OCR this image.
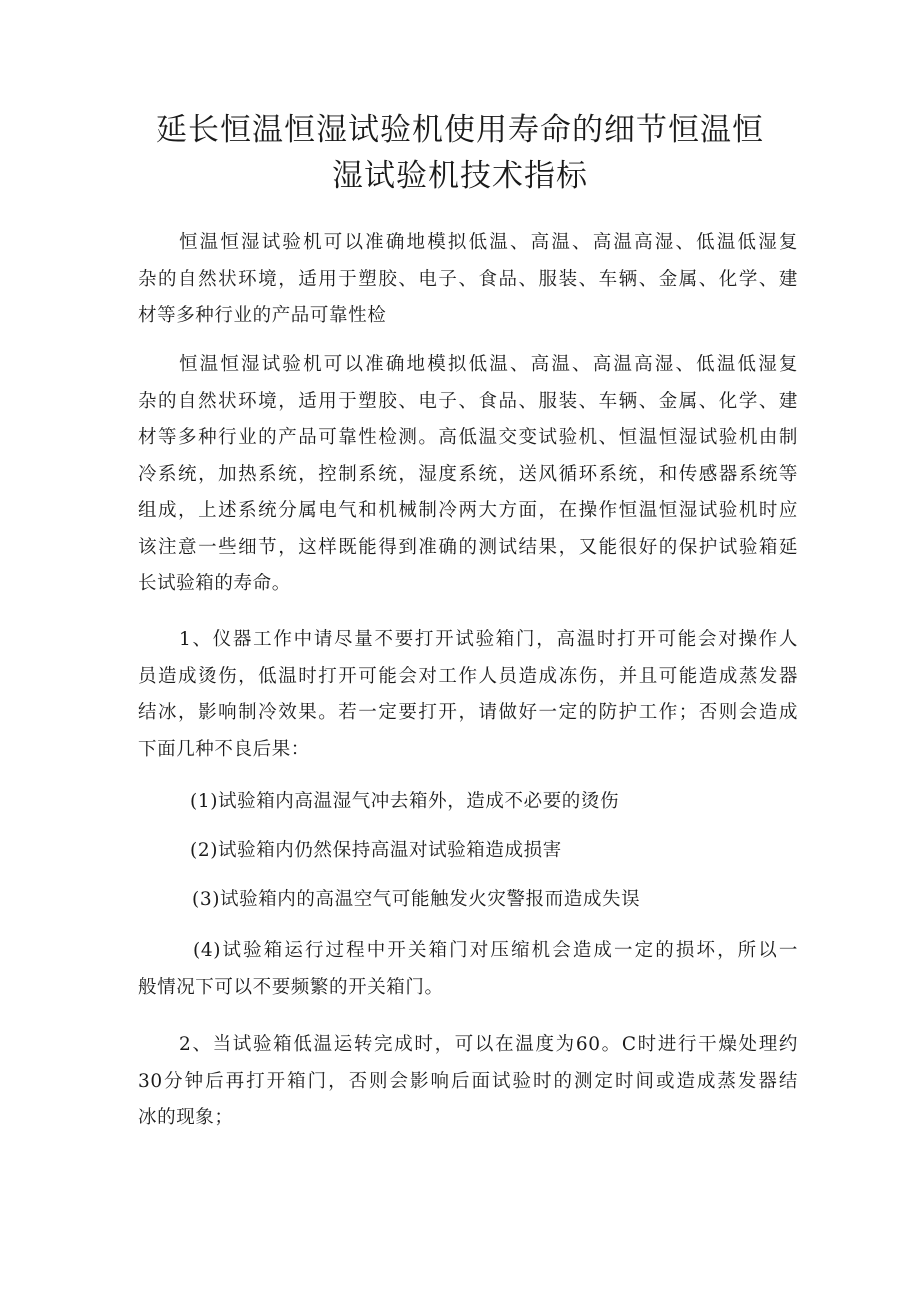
延长恒温恒湿试验机使用寿命的细节恒温恒
湿试验机技术指标
恒温恒湿试验机可以准确地模拟低温、高温、高温高湿、低温低湿复
杂的自然状环境，适用于塑胶、电子、食品、服装、车辆、金属、化学、建
材等多种行业的产品可靠性检
恒温恒湿试验机可以准确地模拟低温、高温、高温高湿、低温低湿复
杂的自然状环境，适用于塑胶、电子、食品、服装、车辆、金属、化学、建
材等多种行业的产品可靠性检测。高低温交变试验机、恒温恒湿试验机由制
冷系统，加热系统，控制系统，湿度系统，送风循环系统，和传感器系统等
组成，上述系统分属电气和机械制冷两大方面，在操作恒温恒湿试验机时应
该注意一些细节，这样既能得到准确的测试结果，又能很好的保护试验箱延
长试验箱的寿命。
1、仪器工作中请尽量不要打开试验箱门，高温时打开可能会对操作人
员造成烫伤，低温时打开可能会对工作人员造成冻伤，并且可能造成蒸发器
结冰，影响制冷效果。若一定要打开，请做好一定的防护工作；否则会造成
下面几种不良后果：
(1)试验箱内高温湿气冲去箱外，造成不必要的烫伤
(2)试验箱内仍然保持高温对试验箱造成损害
(3)试验箱内的高温空气可能触发火灾警报而造成失误
(4)试验箱运行过程中开关箱门对压缩机会造成一定的损坏，所以一
般情况下可以不要频繁的开关箱门。
2、当试验箱低温运转完成时，可以在温度为60。C时进行干燥处理约
30分钟后再打开箱门，否则会影响后面试验时的测定时间或造成蒸发器结
冰的现象；
